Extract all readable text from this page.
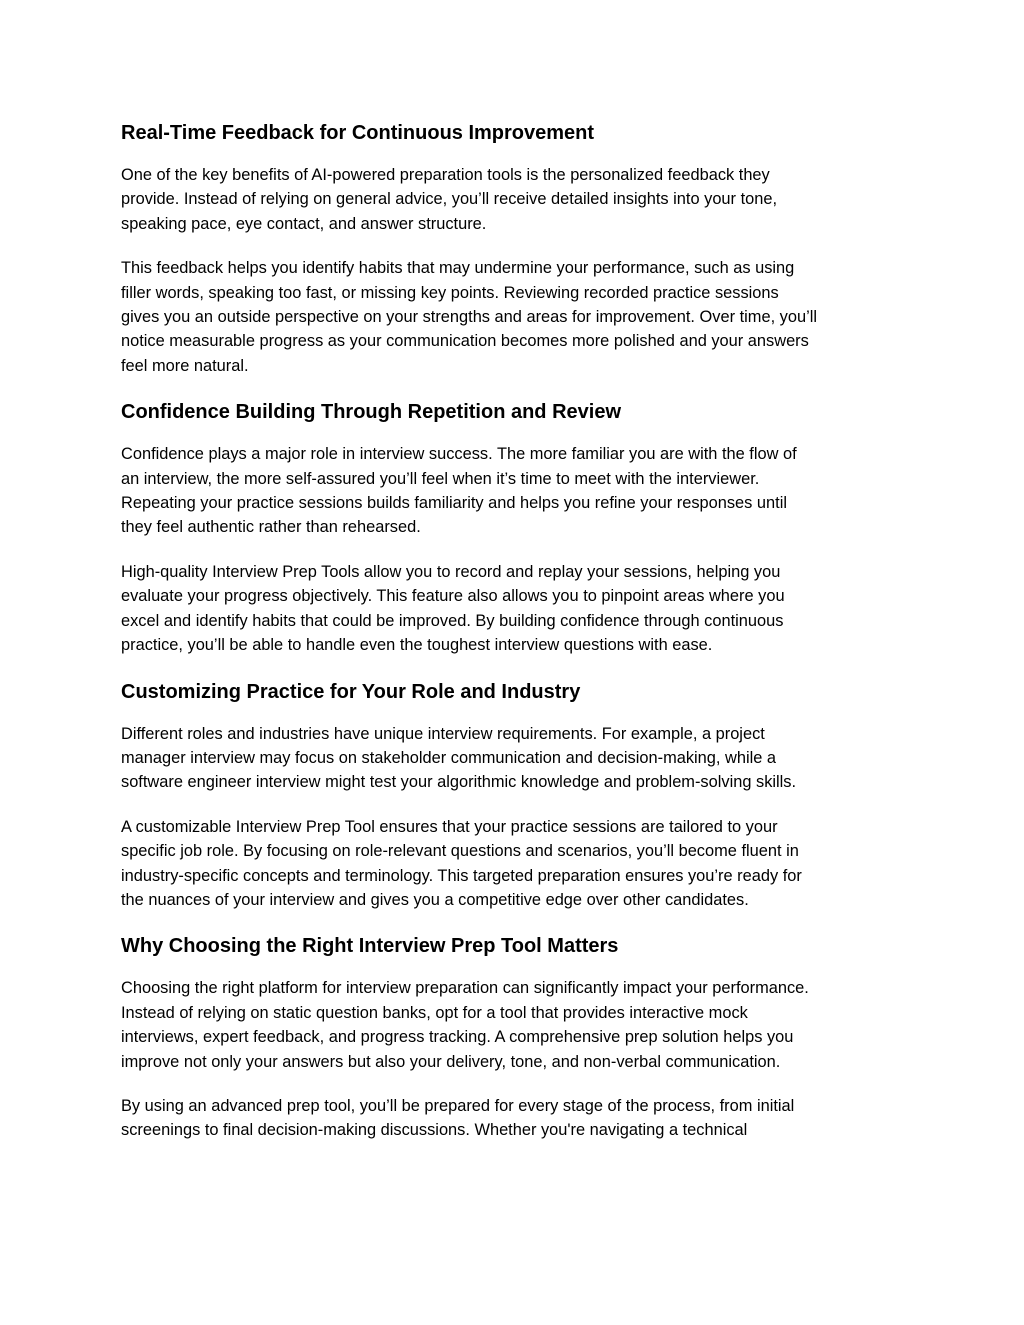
Real-Time Feedback for Continuous Improvement

One of the key benefits of AI-powered preparation tools is the personalized feedback they
provide. Instead of relying on general advice, you’ll receive detailed insights into your tone,
speaking pace, eye contact, and answer structure.

This feedback helps you identify habits that may undermine your performance, such as using
filler words, speaking too fast, or missing key points. Reviewing recorded practice sessions
gives you an outside perspective on your strengths and areas for improvement. Over time, you’ll
notice measurable progress as your communication becomes more polished and your answers
feel more natural.

Confidence Building Through Repetition and Review

Confidence plays a major role in interview success. The more familiar you are with the flow of
an interview, the more self-assured you’ll feel when it’s time to meet with the interviewer.
Repeating your practice sessions builds familiarity and helps you refine your responses until
they feel authentic rather than rehearsed.

High-quality Interview Prep Tools allow you to record and replay your sessions, helping you
evaluate your progress objectively. This feature also allows you to pinpoint areas where you
excel and identify habits that could be improved. By building confidence through continuous
practice, you’ll be able to handle even the toughest interview questions with ease.

Customizing Practice for Your Role and Industry

Different roles and industries have unique interview requirements. For example, a project
manager interview may focus on stakeholder communication and decision-making, while a
software engineer interview might test your algorithmic knowledge and problem-solving skills.

A customizable Interview Prep Tool ensures that your practice sessions are tailored to your
specific job role. By focusing on role-relevant questions and scenarios, you’ll become fluent in
industry-specific concepts and terminology. This targeted preparation ensures you’re ready for
the nuances of your interview and gives you a competitive edge over other candidates.

Why Choosing the Right Interview Prep Tool Matters

Choosing the right platform for interview preparation can significantly impact your performance.
Instead of relying on static question banks, opt for a tool that provides interactive mock
interviews, expert feedback, and progress tracking. A comprehensive prep solution helps you
improve not only your answers but also your delivery, tone, and non-verbal communication.

By using an advanced prep tool, you’ll be prepared for every stage of the process, from initial
screenings to final decision-making discussions. Whether you're navigating a technical
